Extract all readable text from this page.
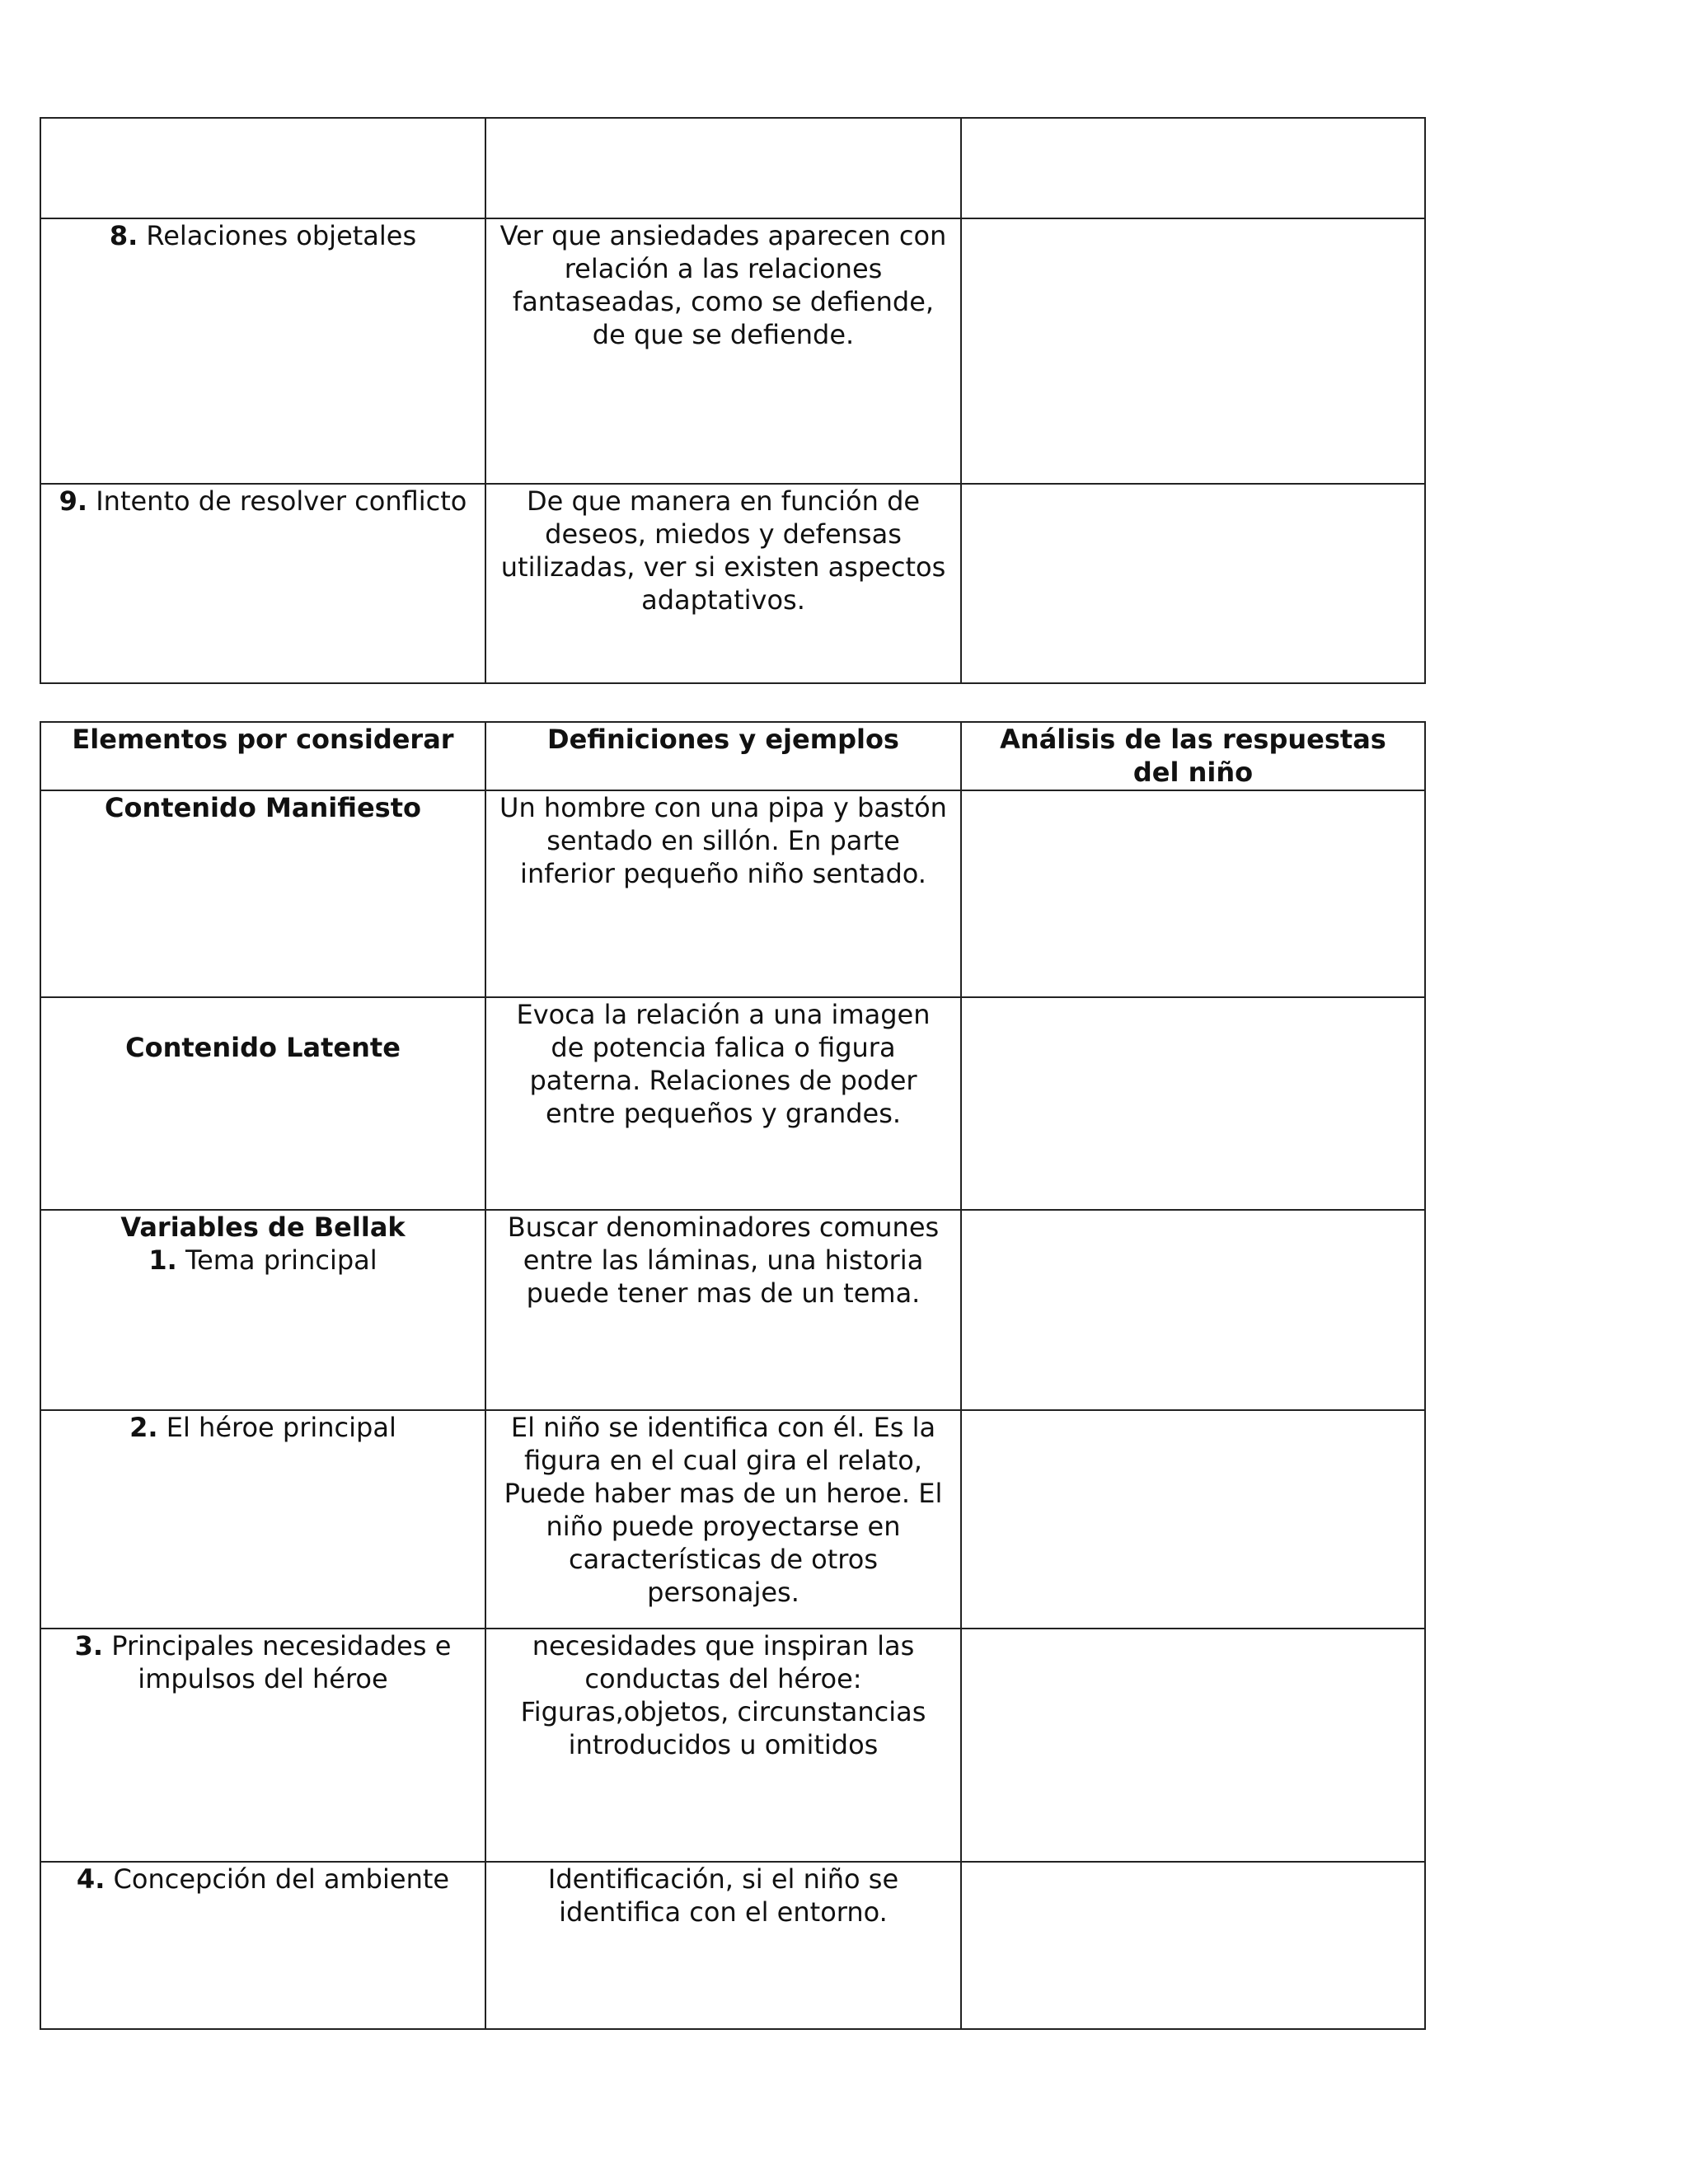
8. Relaciones objetales	Ver que ansiedades aparecen con relación a las relaciones fantaseadas, como se defiende, de que se defiende.	
9. Intento de resolver conflicto	De que manera en función de deseos, miedos y defensas utilizadas, ver si existen aspectos adaptativos.	
Elementos por considerar	Definiciones y ejemplos	Análisis de las respuestas del niño
Contenido Manifiesto	Un hombre con una pipa y bastón sentado en sillón. En parte inferior pequeño niño sentado.	

Contenido Latente	Evoca la relación a una imagen de potencia falica o figura paterna. Relaciones de poder entre pequeños y grandes.	

Variables de Bellak
1. Tema principal	Buscar denominadores comunes entre las láminas, una historia puede tener mas de un tema.	
2. El héroe principal	El niño se identifica con él. Es la figura en el cual gira el relato, Puede haber mas de un heroe. El niño puede proyectarse en características de otros personajes.	
3. Principales necesidades e impulsos del héroe	necesidades que inspiran las conductas del héroe: Figuras,objetos, circunstancias introducidos u omitidos	
4. Concepción del ambiente	Identificación, si el niño se identifica con el entorno.	
